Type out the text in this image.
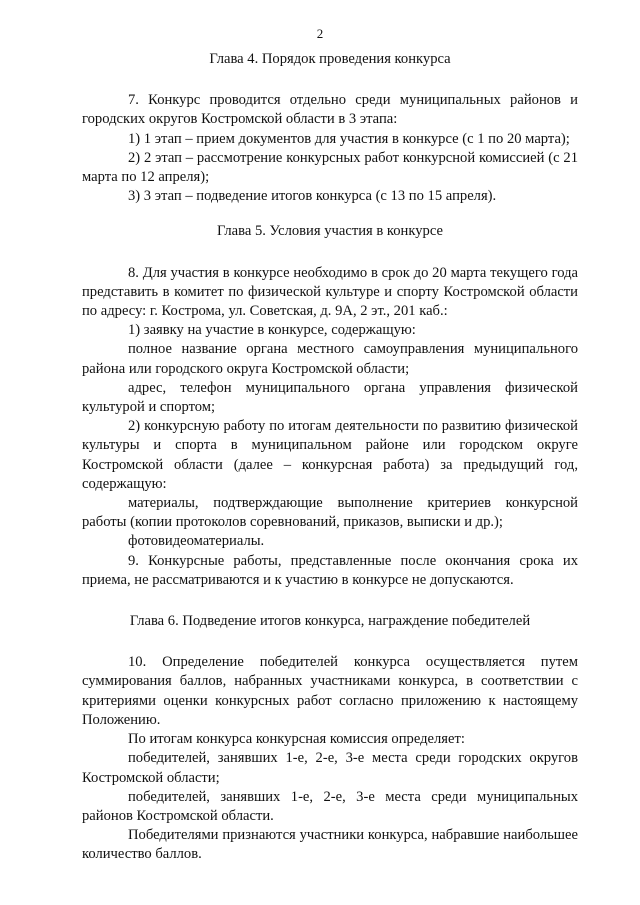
2

Глава 4. Порядок проведения конкурса

7. Конкурс проводится отдельно среди муниципальных районов и городских округов Костромской области в 3 этапа:

1) 1 этап – прием документов для участия в конкурсе (с 1 по 20 марта);

2) 2 этап – рассмотрение конкурсных работ конкурсной комиссией (с 21 марта по 12 апреля);

3) 3 этап – подведение итогов конкурса (с 13 по 15 апреля).

Глава 5. Условия участия в конкурсе

8. Для участия в конкурсе необходимо в срок до 20 марта текущего года представить в комитет по физической культуре и спорту Костромской области по адресу: г. Кострома, ул. Советская, д. 9А, 2 эт., 201 каб.:

1) заявку на участие в конкурсе, содержащую:

полное название органа местного самоуправления муниципального района или городского округа Костромской области;

адрес, телефон муниципального органа управления физической культурой и спортом;

2) конкурсную работу по итогам деятельности по развитию физической культуры и спорта в муниципальном районе или городском округе Костромской области (далее – конкурсная работа) за предыдущий год, содержащую:

материалы, подтверждающие выполнение критериев конкурсной работы (копии протоколов соревнований, приказов, выписки и др.);

фотовидеоматериалы.

9. Конкурсные работы, представленные после окончания срока их приема, не рассматриваются и к участию в конкурсе не допускаются.

Глава 6. Подведение итогов конкурса, награждение победителей

10. Определение победителей конкурса осуществляется путем суммирования баллов, набранных участниками конкурса, в соответствии с критериями оценки конкурсных работ согласно приложению к настоящему Положению.

По итогам конкурса конкурсная комиссия определяет:

победителей, занявших 1-е, 2-е, 3-е места среди городских округов Костромской области;

победителей, занявших 1-е, 2-е, 3-е места среди муниципальных районов Костромской области.

Победителями признаются участники конкурса, набравшие наибольшее количество баллов.
